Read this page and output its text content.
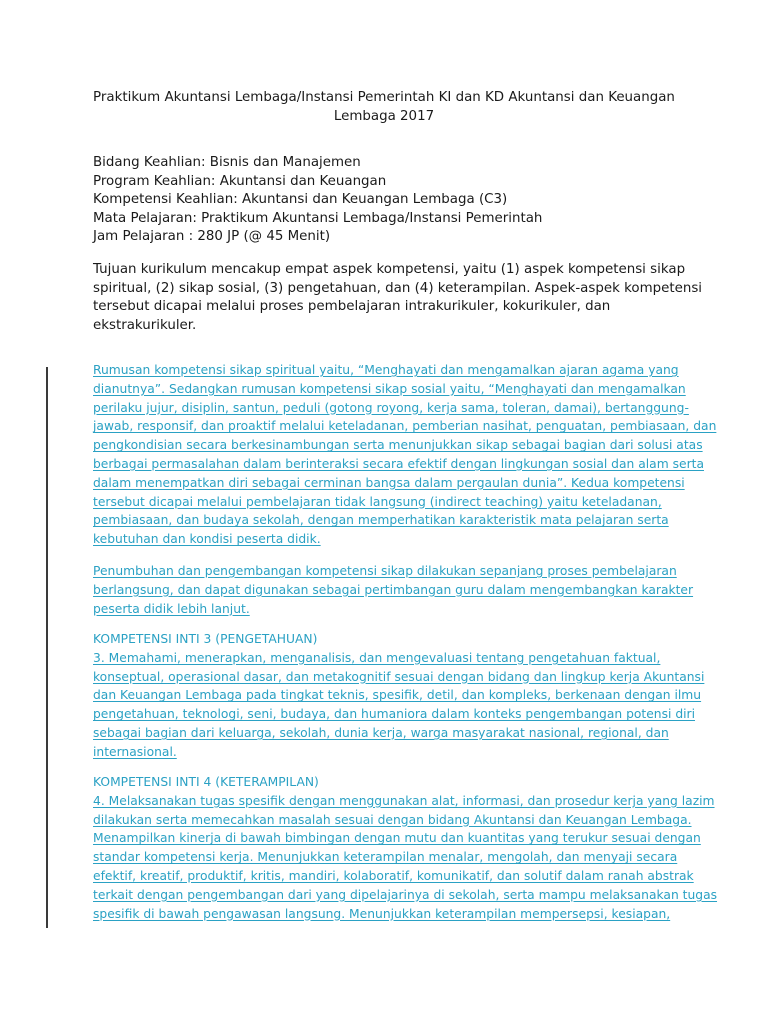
Praktikum Akuntansi Lembaga/Instansi Pemerintah KI dan KD Akuntansi dan Keuangan
Lembaga 2017
Bidang Keahlian: Bisnis dan Manajemen
Program Keahlian: Akuntansi dan Keuangan
Kompetensi Keahlian: Akuntansi dan Keuangan Lembaga (C3)
Mata Pelajaran: Praktikum Akuntansi Lembaga/Instansi Pemerintah
Jam Pelajaran : 280 JP (@ 45 Menit)
Tujuan kurikulum mencakup empat aspek kompetensi, yaitu (1) aspek kompetensi sikap
spiritual, (2) sikap sosial, (3) pengetahuan, dan (4) keterampilan. Aspek-aspek kompetensi
tersebut dicapai melalui proses pembelajaran intrakurikuler, kokurikuler, dan
ekstrakurikuler.
Rumusan kompetensi sikap spiritual yaitu, “Menghayati dan mengamalkan ajaran agama yang
dianutnya”. Sedangkan rumusan kompetensi sikap sosial yaitu, “Menghayati dan mengamalkan
perilaku jujur, disiplin, santun, peduli (gotong royong, kerja sama, toleran, damai), bertanggung-
jawab, responsif, dan proaktif melalui keteladanan, pemberian nasihat, penguatan, pembiasaan, dan
pengkondisian secara berkesinambungan serta menunjukkan sikap sebagai bagian dari solusi atas
berbagai permasalahan dalam berinteraksi secara efektif dengan lingkungan sosial dan alam serta
dalam menempatkan diri sebagai cerminan bangsa dalam pergaulan dunia”. Kedua kompetensi
tersebut dicapai melalui pembelajaran tidak langsung (indirect teaching) yaitu keteladanan,
pembiasaan, dan budaya sekolah, dengan memperhatikan karakteristik mata pelajaran serta
kebutuhan dan kondisi peserta didik.
Penumbuhan dan pengembangan kompetensi sikap dilakukan sepanjang proses pembelajaran
berlangsung, dan dapat digunakan sebagai pertimbangan guru dalam mengembangkan karakter
peserta didik lebih lanjut.
KOMPETENSI INTI 3 (PENGETAHUAN)
3. Memahami, menerapkan, menganalisis, dan mengevaluasi tentang pengetahuan faktual,
konseptual, operasional dasar, dan metakognitif sesuai dengan bidang dan lingkup kerja Akuntansi
dan Keuangan Lembaga pada tingkat teknis, spesifik, detil, dan kompleks, berkenaan dengan ilmu
pengetahuan, teknologi, seni, budaya, dan humaniora dalam konteks pengembangan potensi diri
sebagai bagian dari keluarga, sekolah, dunia kerja, warga masyarakat nasional, regional, dan
internasional.
KOMPETENSI INTI 4 (KETERAMPILAN)
4. Melaksanakan tugas spesifik dengan menggunakan alat, informasi, dan prosedur kerja yang lazim
dilakukan serta memecahkan masalah sesuai dengan bidang Akuntansi dan Keuangan Lembaga.
Menampilkan kinerja di bawah bimbingan dengan mutu dan kuantitas yang terukur sesuai dengan
standar kompetensi kerja. Menunjukkan keterampilan menalar, mengolah, dan menyaji secara
efektif, kreatif, produktif, kritis, mandiri, kolaboratif, komunikatif, dan solutif dalam ranah abstrak
terkait dengan pengembangan dari yang dipelajarinya di sekolah, serta mampu melaksanakan tugas
spesifik di bawah pengawasan langsung. Menunjukkan keterampilan mempersepsi, kesiapan,
